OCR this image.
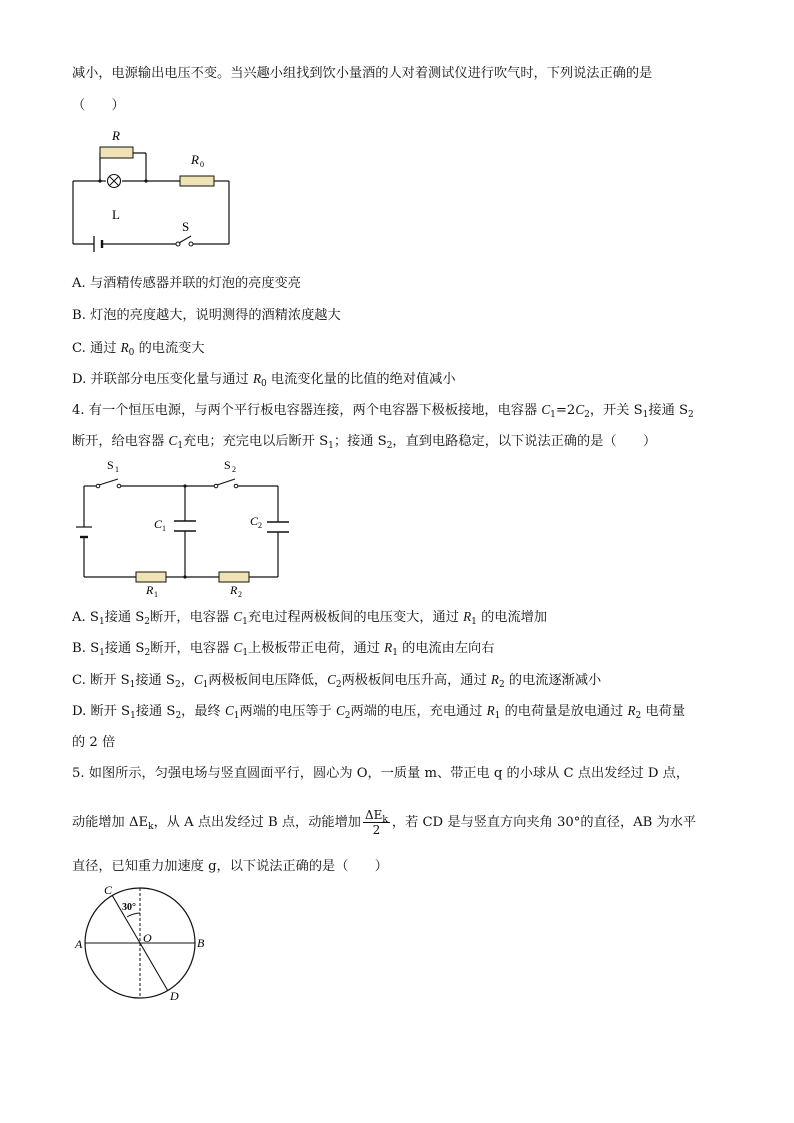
减小，电源输出电压不变。当兴趣小组找到饮小量酒的人对着测试仪进行吹气时，下列说法正确的是
（　　）
R
R 0
L
S
A. 与酒精传感器并联的灯泡的亮度变亮
B. 灯泡的亮度越大，说明测得的酒精浓度越大
C. 通过 $R_0$ 的电流变大
D. 并联部分电压变化量与通过 $R_0$ 电流变化量的比值的绝对值减小
4. 有一个恒压电源，与两个平行板电容器连接，两个电容器下极板接地，电容器 $C_1=2C_2$，开关 $S_1$接通 $S_2$
断开，给电容器 $C_1$充电；充完电以后断开 $S_1$；接通 $S_2$，直到电路稳定，以下说法正确的是（　　）
S 1	S 2
C 1
C 2
R 1	R 2
A. $S_1$接通 $S_2$断开，电容器 $C_1$充电过程两极板间的电压变大，通过 $R_1$ 的电流增加
B. $S_1$接通 $S_2$断开，电容器 $C_1$上极板带正电荷，通过 $R_1$ 的电流由左向右
C. 断开 $S_1$接通 $S_2$，$C_1$两极板间电压降低，$C_2$两极板间电压升高，通过 $R_2$ 的电流逐渐减小
D. 断开 $S_1$接通 $S_2$，最终 $C_1$两端的电压等于 $C_2$两端的电压，充电通过 $R_1$ 的电荷量是放电通过 $R_2$ 电荷量
的 2 倍
5. 如图所示，匀强电场与竖直圆面平行，圆心为 O，一质量 m、带正电 q 的小球从 C 点出发经过 D 点，
动能增加 $\Delta E_k$，从 A 点出发经过 B 点，动能增加 $\frac{\Delta E_k}{2}$ ，若 CD 是与竖直方向夹角 30°的直径，AB 为水平
直径，已知重力加速度 g，以下说法正确的是（　　）
30°
C
A	O	B
D
